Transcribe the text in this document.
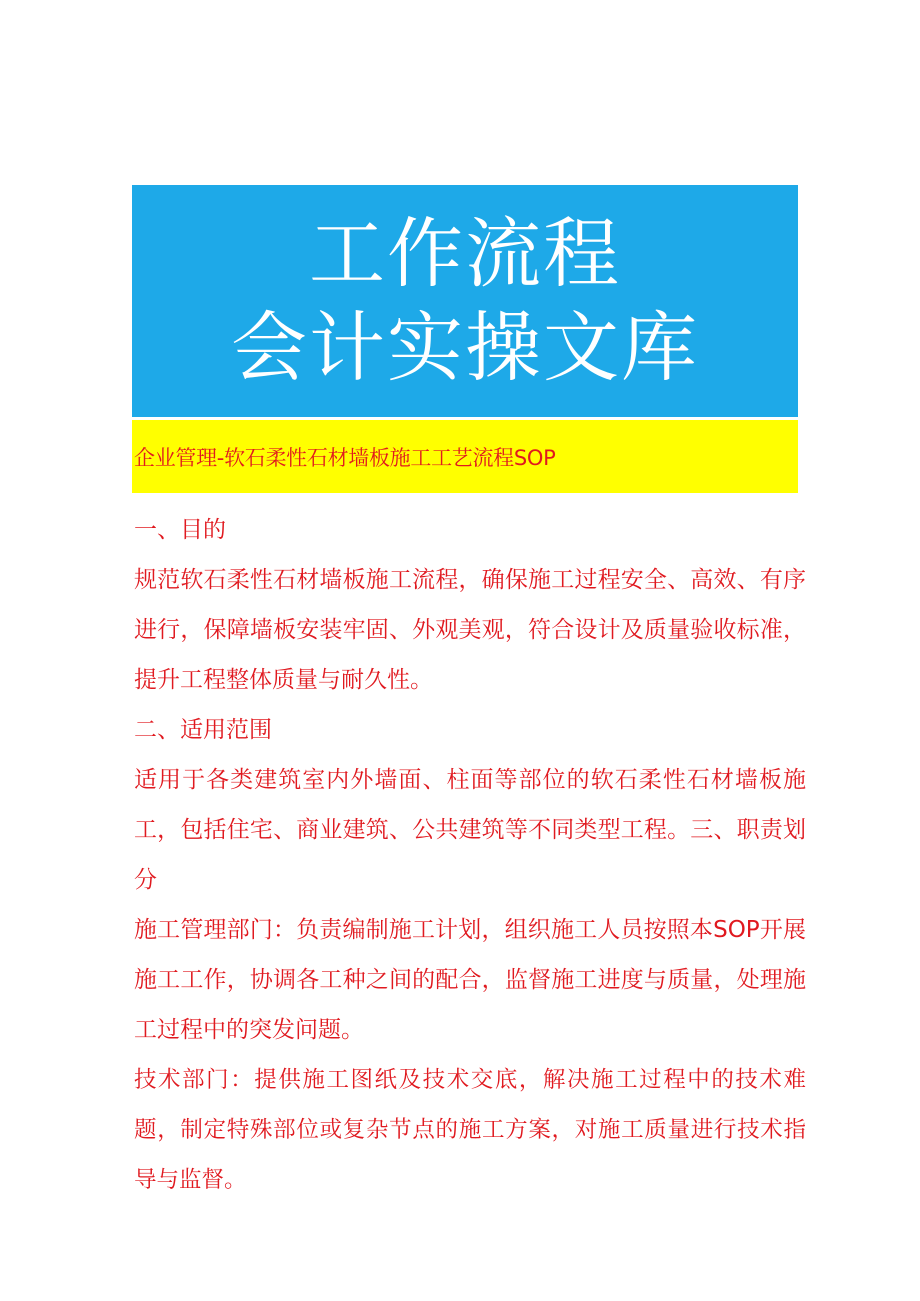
工作流程
会计实操文库
企业管理-软石柔性石材墙板施工工艺流程SOP

一、目的

规范软石柔性石材墙板施工流程，确保施工过程安全、高效、有序进行，保障墙板安装牢固、外观美观，符合设计及质量验收标准，提升工程整体质量与耐久性。

二、适用范围

适用于各类建筑室内外墙面、柱面等部位的软石柔性石材墙板施工，包括住宅、商业建筑、公共建筑等不同类型工程。三、职责划分

施工管理部门：负责编制施工计划，组织施工人员按照本SOP开展施工工作，协调各工种之间的配合，监督施工进度与质量，处理施工过程中的突发问题。

技术部门：提供施工图纸及技术交底，解决施工过程中的技术难题，制定特殊部位或复杂节点的施工方案，对施工质量进行技术指导与监督。
